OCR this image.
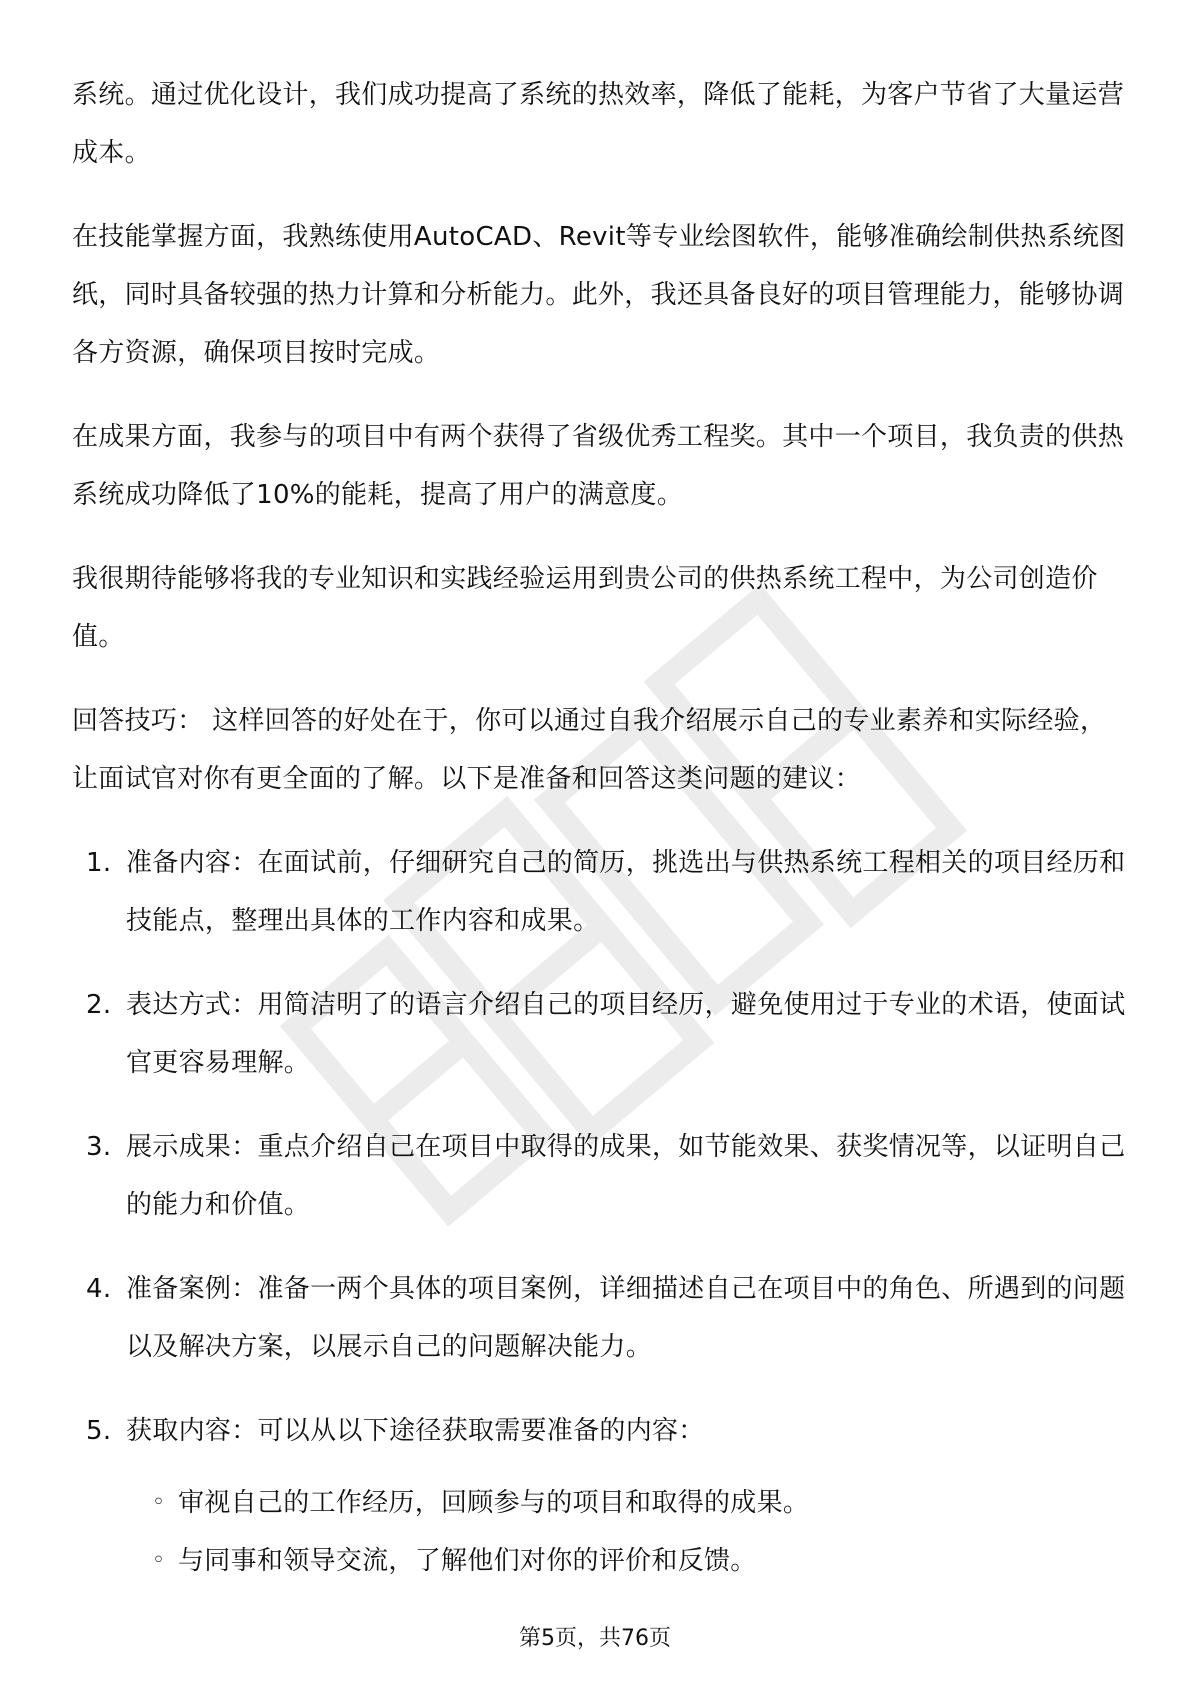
系统。通过优化设计，我们成功提高了系统的热效率，降低了能耗，为客户节省了大量运营成本。

在技能掌握方面，我熟练使用AutoCAD、Revit等专业绘图软件，能够准确绘制供热系统图纸，同时具备较强的热力计算和分析能力。此外，我还具备良好的项目管理能力，能够协调各方资源，确保项目按时完成。

在成果方面，我参与的项目中有两个获得了省级优秀工程奖。其中一个项目，我负责的供热系统成功降低了10%的能耗，提高了用户的满意度。

我很期待能够将我的专业知识和实践经验运用到贵公司的供热系统工程中，为公司创造价值。

回答技巧： 这样回答的好处在于，你可以通过自我介绍展示自己的专业素养和实际经验，让面试官对你有更全面的了解。以下是准备和回答这类问题的建议：

1. 准备内容：在面试前，仔细研究自己的简历，挑选出与供热系统工程相关的项目经历和技能点，整理出具体的工作内容和成果。
2. 表达方式：用简洁明了的语言介绍自己的项目经历，避免使用过于专业的术语，使面试官更容易理解。
3. 展示成果：重点介绍自己在项目中取得的成果，如节能效果、获奖情况等，以证明自己的能力和价值。
4. 准备案例：准备一两个具体的项目案例，详细描述自己在项目中的角色、所遇到的问题以及解决方案，以展示自己的问题解决能力。
5. 获取内容：可以从以下途径获取需要准备的内容：
◦ 审视自己的工作经历，回顾参与的项目和取得的成果。
◦ 与同事和领导交流，了解他们对你的评价和反馈。
第5页，共76页
